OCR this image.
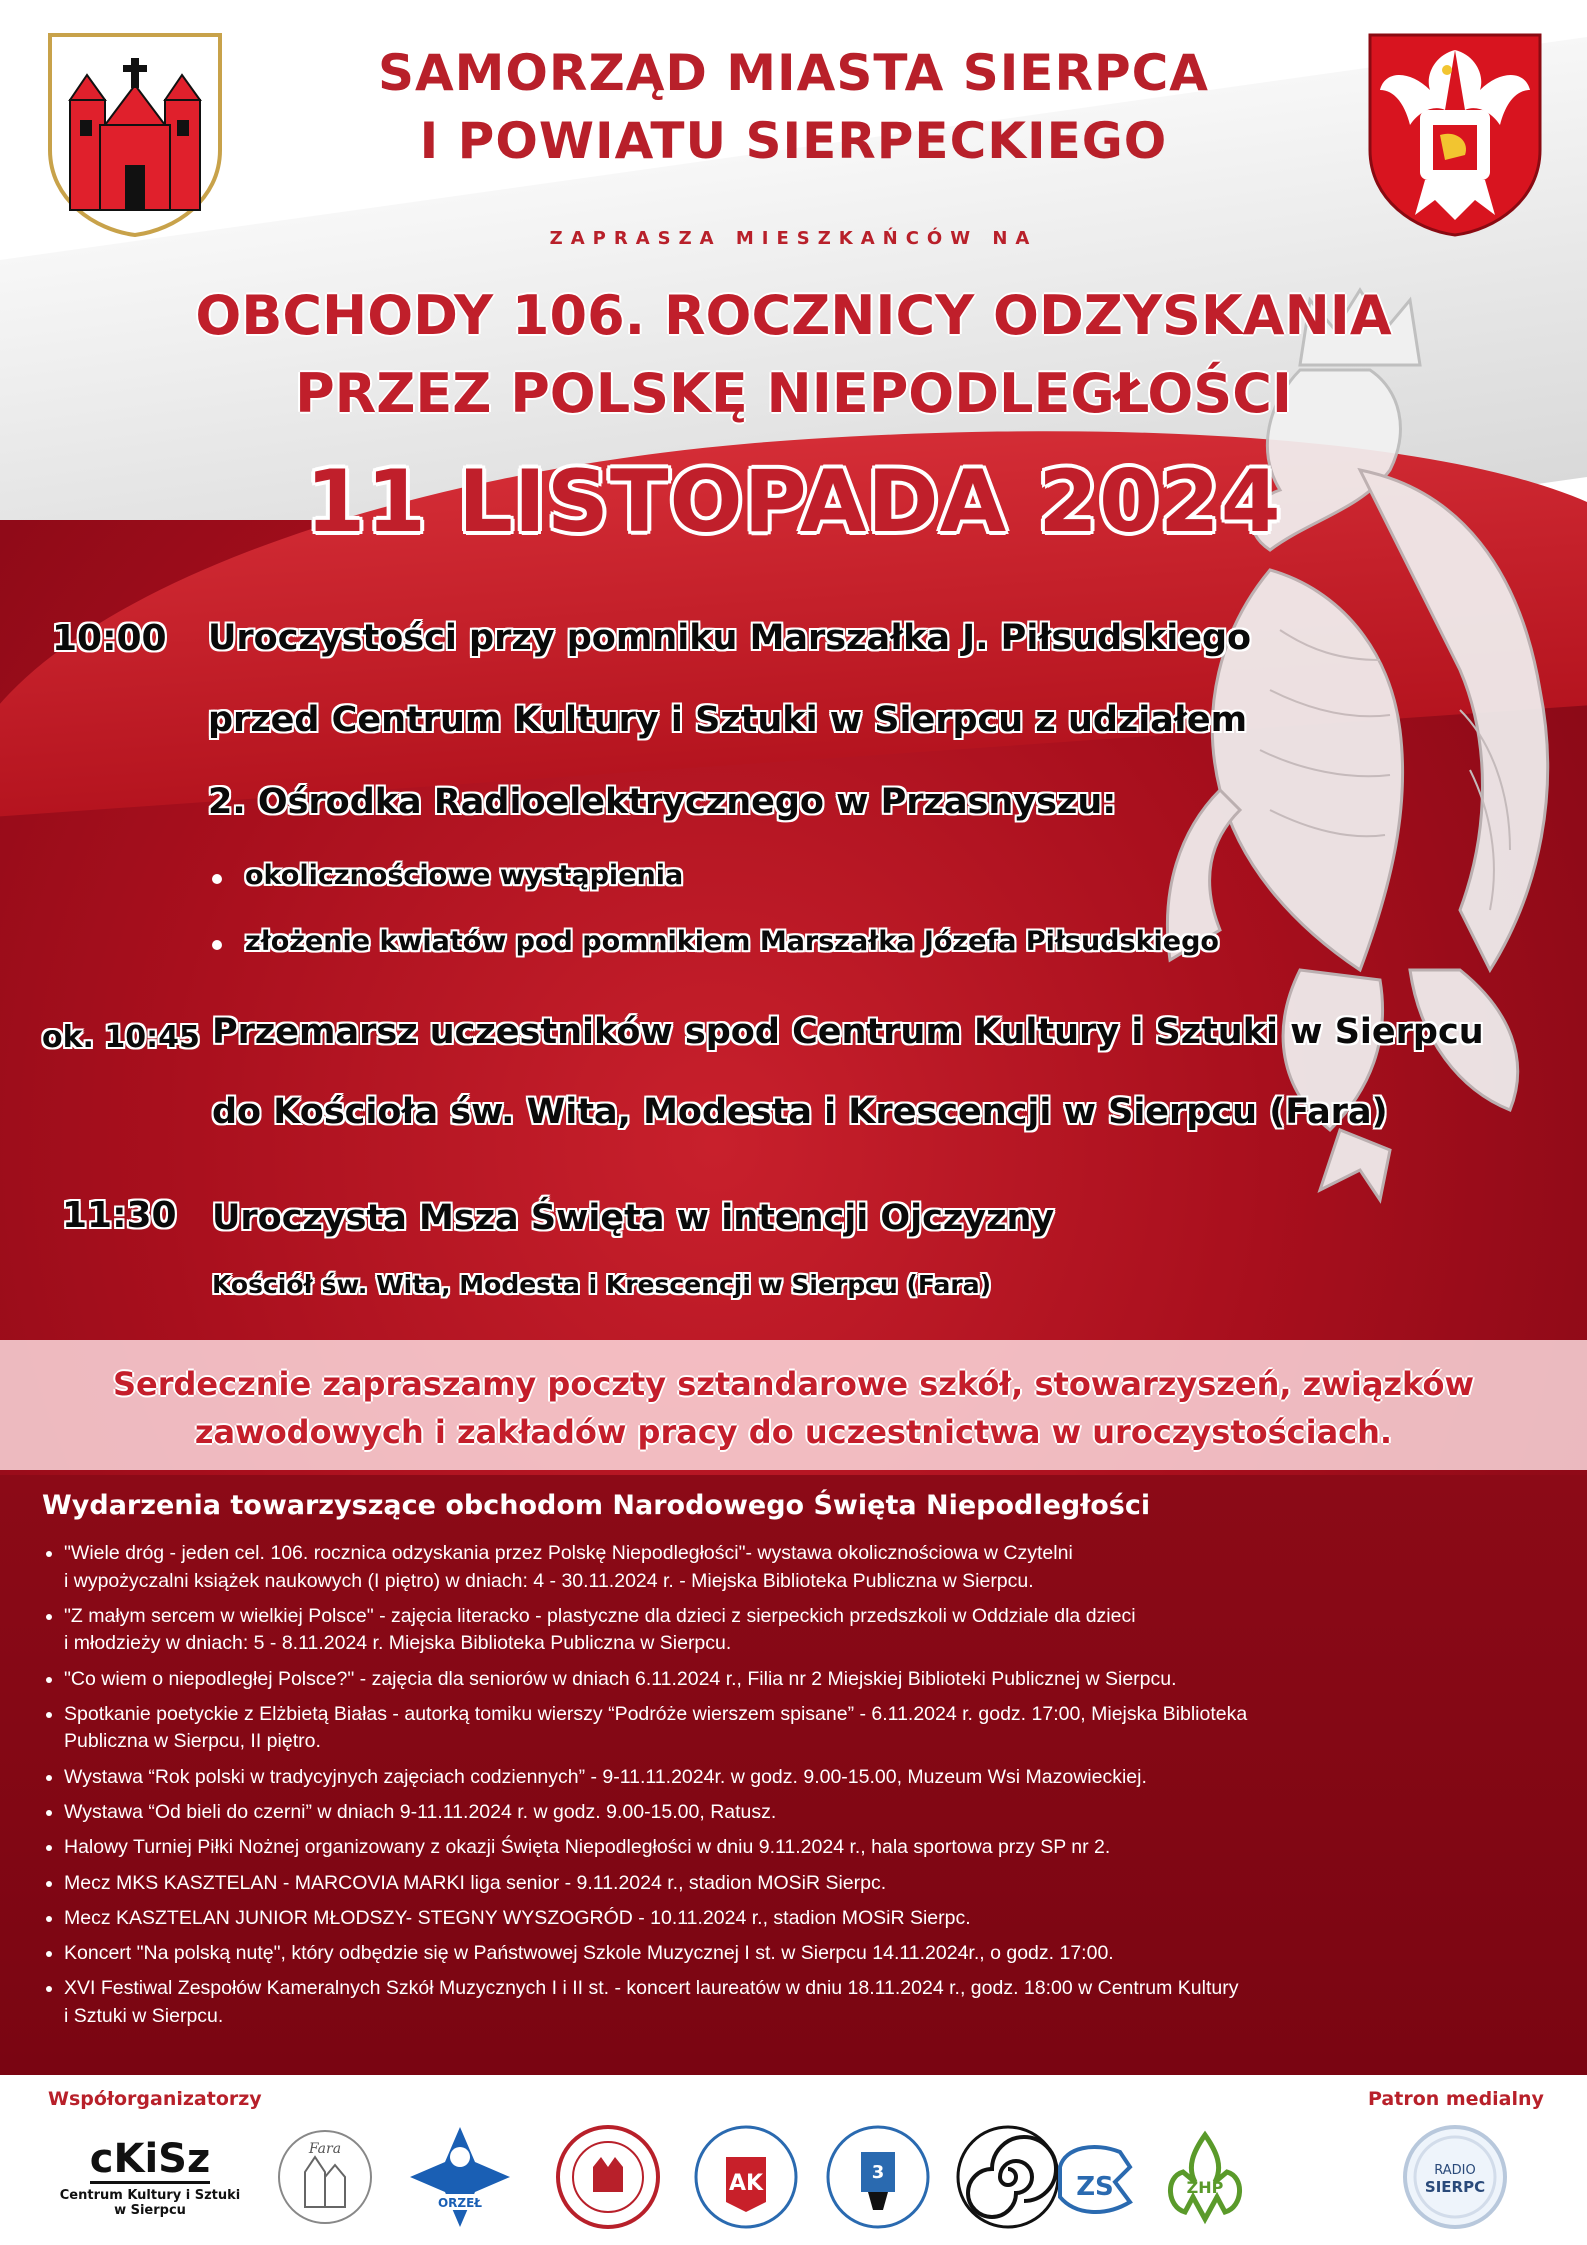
SAMORZĄD MIASTA SIERPCA
I POWIATU SIERPECKIEGO
ZAPRASZA MIESZKAŃCÓW NA
OBCHODY 106. ROCZNICY ODZYSKANIA
PRZEZ POLSKĘ NIEPODLEGŁOŚCI
11 LISTOPADA 2024
10:00 Uroczystości przy pomniku Marszałka J. Piłsudskiego
przed Centrum Kultury i Sztuki w Sierpcu z udziałem
2. Ośrodka Radioelektrycznego w Przasnyszu:
okolicznościowe wystąpienia
złożenie kwiatów pod pomnikiem Marszałka Józefa Piłsudskiego
ok. 10:45 Przemarsz uczestników spod Centrum Kultury i Sztuki w Sierpcu
do Kościoła św. Wita, Modesta i Krescencji w Sierpcu (Fara)
11:30 Uroczysta Msza Święta w intencji Ojczyzny
Kościół św. Wita, Modesta i Krescencji w Sierpcu (Fara)
Serdecznie zapraszamy poczty sztandarowe szkół, stowarzyszeń, związków
zawodowych i zakładów pracy do uczestnictwa w uroczystościach.
Wydarzenia towarzyszące obchodom Narodowego Święta Niepodległości
"Wiele dróg - jeden cel. 106. rocznica odzyskania przez Polskę Niepodległości"- wystawa okolicznościowa w Czytelni
i wypożyczalni książek naukowych (I piętro) w dniach: 4 - 30.11.2024 r. - Miejska Biblioteka Publiczna w Sierpcu.
"Z małym sercem w wielkiej Polsce" - zajęcia literacko - plastyczne dla dzieci z sierpeckich przedszkoli w Oddziale dla dzieci
i młodzieży w dniach: 5 - 8.11.2024 r. Miejska Biblioteka Publiczna w Sierpcu.
"Co wiem o niepodległej Polsce?" - zajęcia dla seniorów w dniach 6.11.2024 r., Filia nr 2 Miejskiej Biblioteki Publicznej w Sierpcu.
Spotkanie poetyckie z Elżbietą Białas - autorką tomiku wierszy “Podróże wierszem spisane” - 6.11.2024 r. godz. 17:00, Miejska Biblioteka
Publiczna w Sierpcu, II piętro.
Wystawa “Rok polski w tradycyjnych zajęciach codziennych” - 9-11.11.2024r. w godz. 9.00-15.00, Muzeum Wsi Mazowieckiej.
Wystawa “Od bieli do czerni” w dniach 9-11.11.2024 r. w godz. 9.00-15.00, Ratusz.
Halowy Turniej Piłki Nożnej organizowany z okazji Święta Niepodległości w dniu 9.11.2024 r., hala sportowa przy SP nr 2.
Mecz MKS KASZTELAN - MARCOVIA MARKI liga senior - 9.11.2024 r., stadion MOSiR Sierpc.
Mecz KASZTELAN JUNIOR MŁODSZY- STEGNY WYSZOGRÓD - 10.11.2024 r., stadion MOSiR Sierpc.
Koncert "Na polską nutę", który odbędzie się w Państwowej Szkole Muzycznej I st. w Sierpcu 14.11.2024r., o godz. 17:00.
XVI Festiwal Zespołów Kameralnych Szkół Muzycznych I i II st. - koncert laureatów w dniu 18.11.2024 r., godz. 18:00 w Centrum Kultury
i Sztuki w Sierpcu.
Współorganizatorzy	Patron medialny
cKiSz
Centrum Kultury i Sztuki
w Sierpcu
Fara
ORZEŁ
AK	3	ZS	ZHP
RADIO
SIERPC
